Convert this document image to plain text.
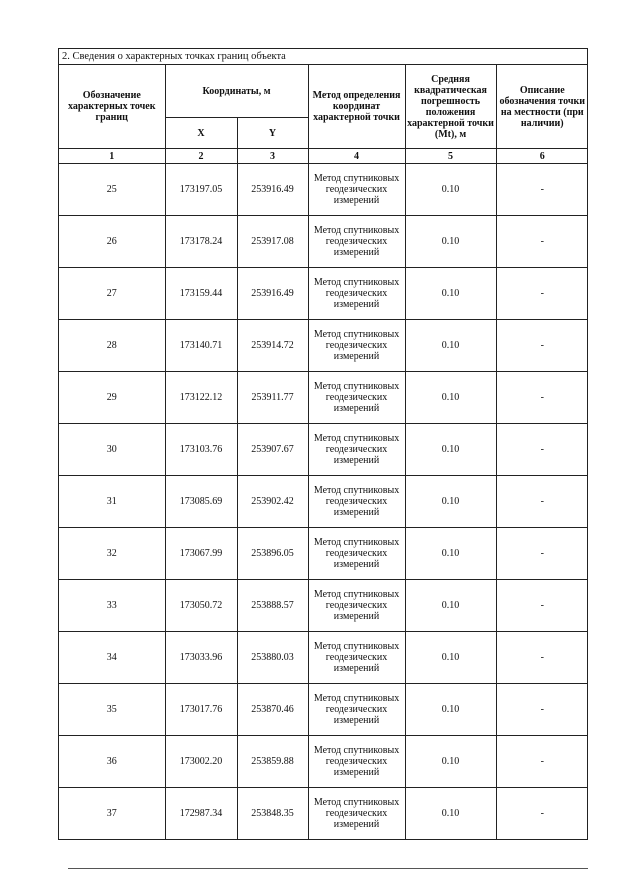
2. Сведения о характерных точках границ объекта
Обозначение характерных точек границ	Координаты, м		Метод определения координат характерной точки	Средняя квадратическая погрешность положения характерной точки (Mt), м	Описание обозначения точки на местности (при наличии)
	X	Y			
1	2	3	4	5	6
25	173197.05	253916.49	Метод спутниковых геодезических измерений	0.10	-
26	173178.24	253917.08	Метод спутниковых геодезических измерений	0.10	-
27	173159.44	253916.49	Метод спутниковых геодезических измерений	0.10	-
28	173140.71	253914.72	Метод спутниковых геодезических измерений	0.10	-
29	173122.12	253911.77	Метод спутниковых геодезических измерений	0.10	-
30	173103.76	253907.67	Метод спутниковых геодезических измерений	0.10	-
31	173085.69	253902.42	Метод спутниковых геодезических измерений	0.10	-
32	173067.99	253896.05	Метод спутниковых геодезических измерений	0.10	-
33	173050.72	253888.57	Метод спутниковых геодезических измерений	0.10	-
34	173033.96	253880.03	Метод спутниковых геодезических измерений	0.10	-
35	173017.76	253870.46	Метод спутниковых геодезических измерений	0.10	-
36	173002.20	253859.88	Метод спутниковых геодезических измерений	0.10	-
37	172987.34	253848.35	Метод спутниковых геодезических измерений	0.10	-
